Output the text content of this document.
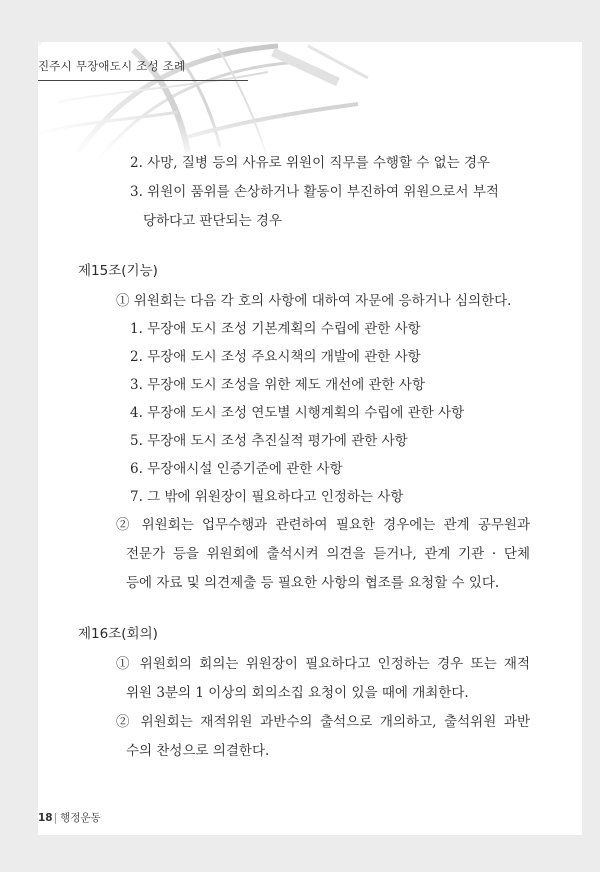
진주시 무장애도시 조성 조례
2. 사망, 질병 등의 사유로 위원이 직무를 수행할 수 없는 경우
3. 위원이 품위를 손상하거나 활동이 부진하여 위원으로서 부적
당하다고 판단되는 경우
제15조(기능)
① 위원회는 다음 각 호의 사항에 대하여 자문에 응하거나 심의한다.
1. 무장애 도시 조성 기본계획의 수립에 관한 사항
2. 무장애 도시 조성 주요시책의 개발에 관한 사항
3. 무장애 도시 조성을 위한 제도 개선에 관한 사항
4. 무장애 도시 조성 연도별 시행계획의 수립에 관한 사항
5. 무장애 도시 조성 추진실적 평가에 관한 사항
6. 무장애시설 인증기준에 관한 사항
7. 그 밖에 위원장이 필요하다고 인정하는 사항
② 위원회는 업무수행과 관련하여 필요한 경우에는 관계 공무원과
전문가 등을 위원회에 출석시켜 의견을 듣거나, 관계 기관 · 단체
등에 자료 및 의견제출 등 필요한 사항의 협조를 요청할 수 있다.
제16조(회의)
① 위원회의 회의는 위원장이 필요하다고 인정하는 경우 또는 재적
위원 3분의 1 이상의 회의소집 요청이 있을 때에 개최한다.
② 위원회는 재적위원 과반수의 출석으로 개의하고, 출석위원 과반
수의 찬성으로 의결한다.
18| 행정운동
